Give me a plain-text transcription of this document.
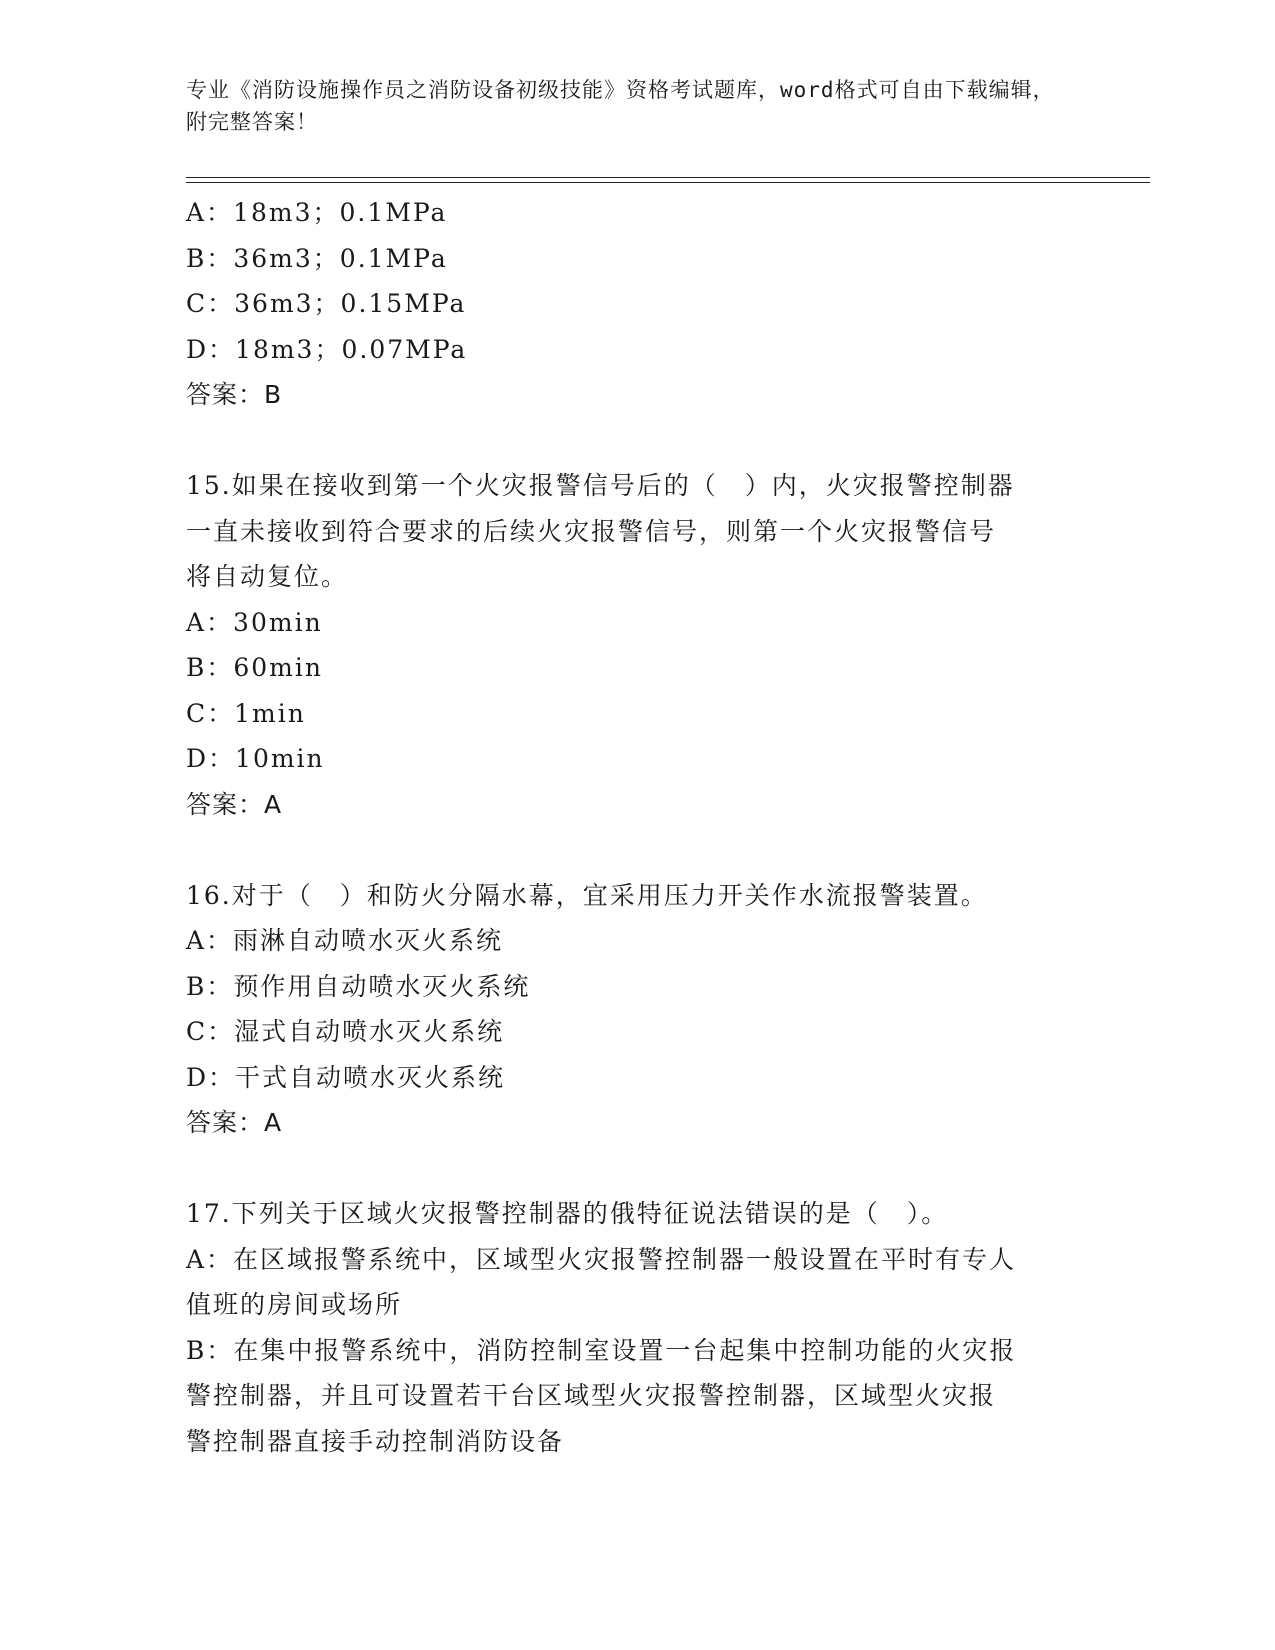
专业《消防设施操作员之消防设备初级技能》资格考试题库，word格式可自由下载编辑，附完整答案！
A：18m3；0.1MPa
B：36m3；0.1MPa
C：36m3；0.15MPa
D：18m3；0.07MPa
答案：B
15.如果在接收到第一个火灾报警信号后的（　）内，火灾报警控制器
一直未接收到符合要求的后续火灾报警信号，则第一个火灾报警信号
将自动复位。
A：30min
B：60min
C：1min
D：10min
答案：A
16.对于（　）和防火分隔水幕，宜采用压力开关作水流报警装置。
A：雨淋自动喷水灭火系统
B：预作用自动喷水灭火系统
C：湿式自动喷水灭火系统
D：干式自动喷水灭火系统
答案：A
17.下列关于区域火灾报警控制器的俄特征说法错误的是（　）。
A：在区域报警系统中，区域型火灾报警控制器一般设置在平时有专人
值班的房间或场所
B：在集中报警系统中，消防控制室设置一台起集中控制功能的火灾报
警控制器，并且可设置若干台区域型火灾报警控制器，区域型火灾报
警控制器直接手动控制消防设备
